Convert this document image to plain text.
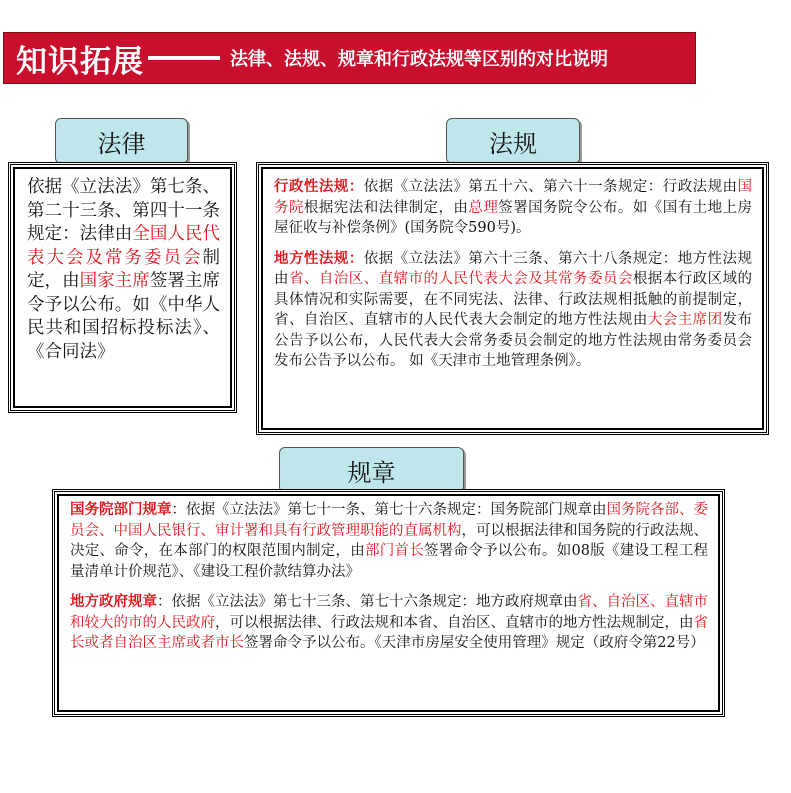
知识拓展	法律、法规、规章和行政法规等区别的对比说明
法律	法规
规章

依据《立法法》第七条、第二十三条、第四十一条规定：法律由全国人民代表大会及常务委员会制定，由国家主席签署主席令予以公布。如《中华人民共和国招标投标法》、《合同法》

行政性法规：依据《立法法》第五十六、第六十一条规定：行政法规由国务院根据宪法和法律制定，由总理签署国务院令公布。如《国有土地上房屋征收与补偿条例》(国务院令590号)。

地方性法规：依据《立法法》第六十三条、第六十八条规定：地方性法规由省、自治区、直辖市的人民代表大会及其常务委员会根据本行政区域的具体情况和实际需要，在不同宪法、法律、行政法规相抵触的前提制定，省、自治区、直辖市的人民代表大会制定的地方性法规由大会主席团发布公告予以公布，人民代表大会常务委员会制定的地方性法规由常务委员会发布公告予以公布。 如《天津市土地管理条例》。

国务院部门规章：依据《立法法》第七十一条、第七十六条规定：国务院部门规章由国务院各部、委员会、中国人民银行、审计署和具有行政管理职能的直属机构，可以根据法律和国务院的行政法规、决定、命令，在本部门的权限范围内制定，由部门首长签署命令予以公布。如08版《建设工程工程量清单计价规范》、《建设工程价款结算办法》

地方政府规章：依据《立法法》第七十三条、第七十六条规定：地方政府规章由省、自治区、直辖市和较大的市的人民政府，可以根据法律、行政法规和本省、自治区、直辖市的地方性法规制定，由省长或者自治区主席或者市长签署命令予以公布。《天津市房屋安全使用管理》规定（政府令第22号）
